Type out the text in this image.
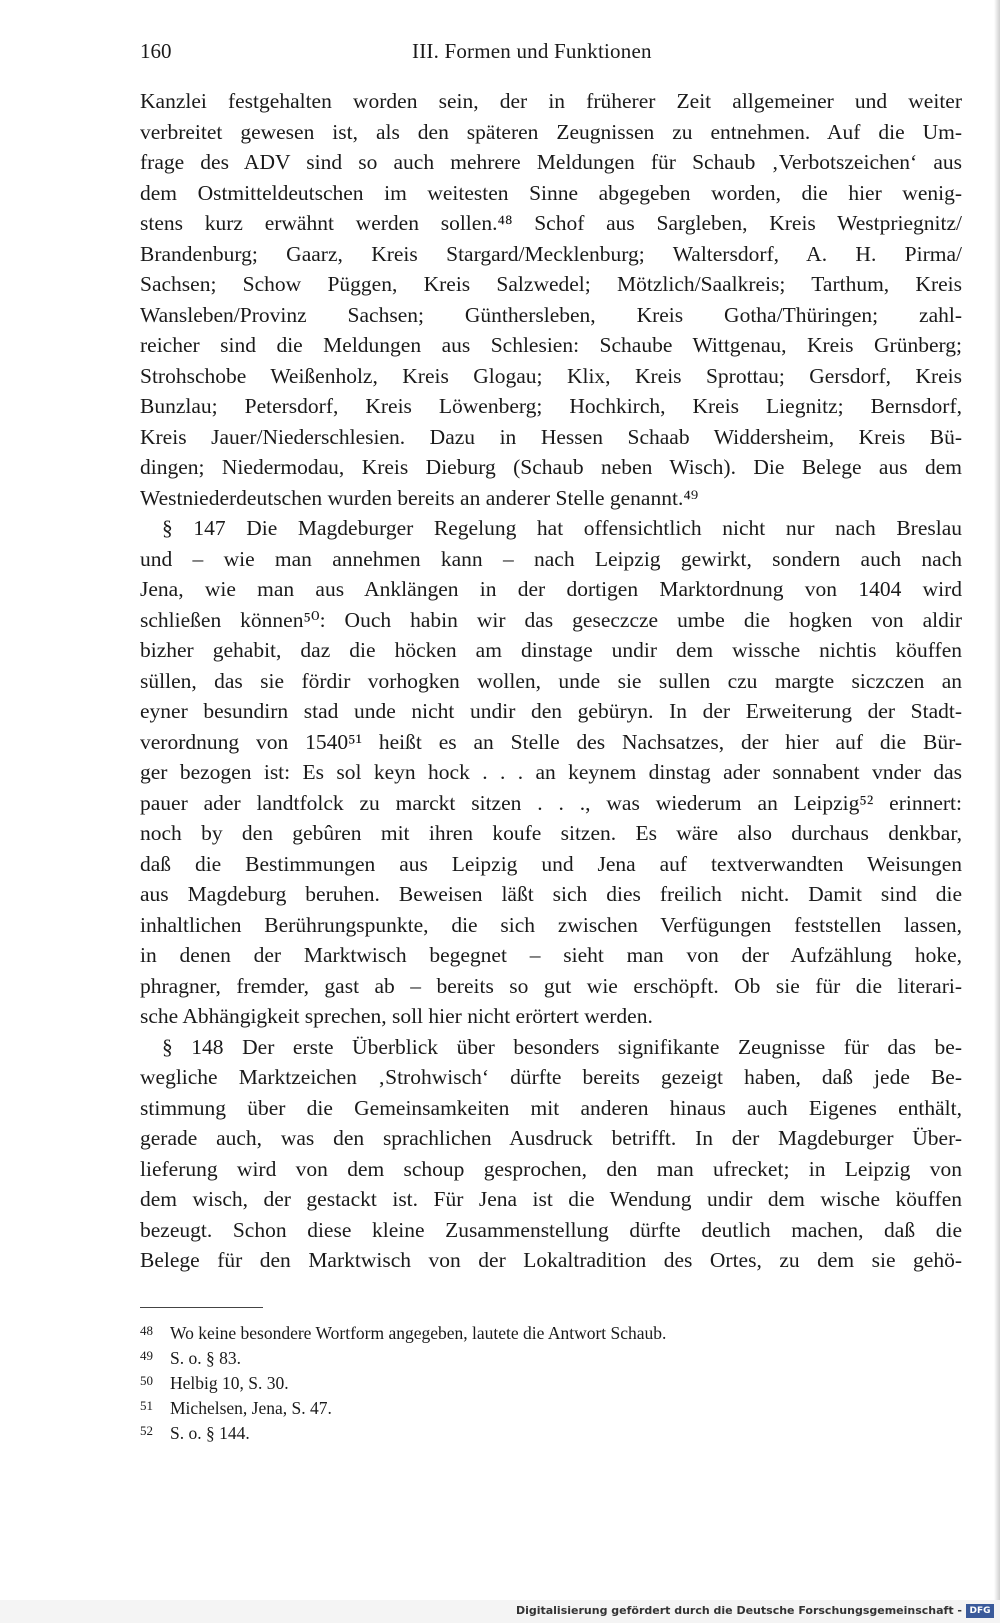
160	III. Formen und Funktionen
Kanzlei festgehalten worden sein, der in früherer Zeit allgemeiner und weiter
verbreitet gewesen ist, als den späteren Zeugnissen zu entnehmen. Auf die Um-
frage des ADV sind so auch mehrere Meldungen für Schaub ‚Verbotszeichen‘ aus
dem Ostmitteldeutschen im weitesten Sinne abgegeben worden, die hier wenig-
stens kurz erwähnt werden sollen.⁴⁸ Schof aus Sargleben, Kreis Westpriegnitz/
Brandenburg; Gaarz, Kreis Stargard/Mecklenburg; Waltersdorf, A. H. Pirma/
Sachsen; Schow Püggen, Kreis Salzwedel; Mötzlich/Saalkreis; Tarthum, Kreis
Wansleben/Provinz Sachsen; Günthersleben, Kreis Gotha/Thüringen; zahl-
reicher sind die Meldungen aus Schlesien: Schaube Wittgenau, Kreis Grünberg;
Strohschobe Weißenholz, Kreis Glogau; Klix, Kreis Sprottau; Gersdorf, Kreis
Bunzlau; Petersdorf, Kreis Löwenberg; Hochkirch, Kreis Liegnitz; Bernsdorf,
Kreis Jauer/Niederschlesien. Dazu in Hessen Schaab Widdersheim, Kreis Bü-
dingen; Niedermodau, Kreis Dieburg (Schaub neben Wisch). Die Belege aus dem
Westniederdeutschen wurden bereits an anderer Stelle genannt.⁴⁹
§ 147 Die Magdeburger Regelung hat offensichtlich nicht nur nach Breslau
und – wie man annehmen kann – nach Leipzig gewirkt, sondern auch nach
Jena, wie man aus Anklängen in der dortigen Marktordnung von 1404 wird
schließen können⁵⁰: Ouch habin wir das geseczcze umbe die hogken von aldir
bizher gehabit, daz die höcken am dinstage undir dem wissche nichtis köuffen
süllen, das sie fördir vorhogken wollen, unde sie sullen czu margte siczczen an
eyner besundirn stad unde nicht undir den gebüryn. In der Erweiterung der Stadt-
verordnung von 1540⁵¹ heißt es an Stelle des Nachsatzes, der hier auf die Bür-
ger bezogen ist: Es sol keyn hock . . . an keynem dinstag ader sonnabent vnder das
pauer ader landtfolck zu marckt sitzen . . ., was wiederum an Leipzig⁵² erinnert:
noch by den gebûren mit ihren koufe sitzen. Es wäre also durchaus denkbar,
daß die Bestimmungen aus Leipzig und Jena auf textverwandten Weisungen
aus Magdeburg beruhen. Beweisen läßt sich dies freilich nicht. Damit sind die
inhaltlichen Berührungspunkte, die sich zwischen Verfügungen feststellen lassen,
in denen der Marktwisch begegnet – sieht man von der Aufzählung hoke,
phragner, fremder, gast ab – bereits so gut wie erschöpft. Ob sie für die literari-
sche Abhängigkeit sprechen, soll hier nicht erörtert werden.
§ 148 Der erste Überblick über besonders signifikante Zeugnisse für das be-
wegliche Marktzeichen ‚Strohwisch‘ dürfte bereits gezeigt haben, daß jede Be-
stimmung über die Gemeinsamkeiten mit anderen hinaus auch Eigenes enthält,
gerade auch, was den sprachlichen Ausdruck betrifft. In der Magdeburger Über-
lieferung wird von dem schoup gesprochen, den man ufrecket; in Leipzig von
dem wisch, der gestackt ist. Für Jena ist die Wendung undir dem wische köuffen
bezeugt. Schon diese kleine Zusammenstellung dürfte deutlich machen, daß die
Belege für den Marktwisch von der Lokaltradition des Ortes, zu dem sie gehö-
48 Wo keine besondere Wortform angegeben, lautete die Antwort Schaub.
49 S. o. § 83.
50 Helbig 10, S. 30.
51 Michelsen, Jena, S. 47.
52 S. o. § 144.
Digitalisierung gefördert durch die Deutsche Forschungsgemeinschaft - DFG
